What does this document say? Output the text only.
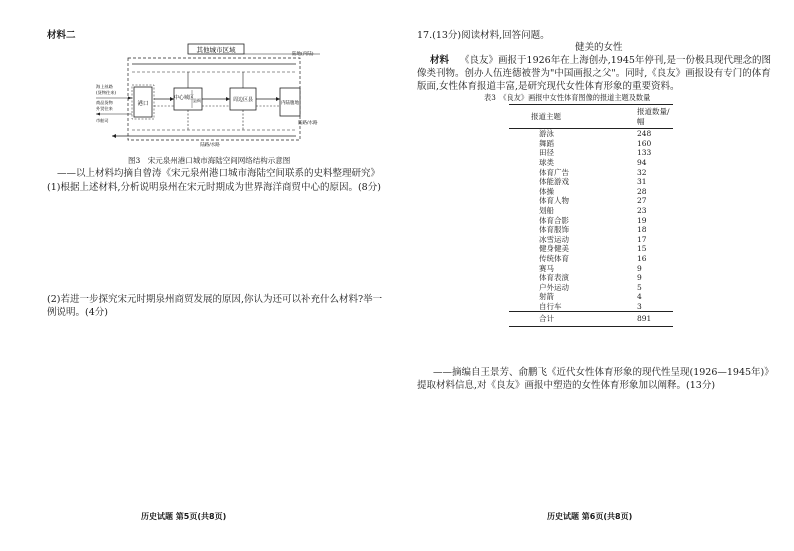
材料二
其他城市区域
陆地(内陆)
港口
中心城区
县衙	周边区县
内陆腹地
陆路/水路
陆路/水路
海上丝路
(货物往来)
商品货物
外贸往来
市舶司
图3　宋元泉州港口城市海陆空间网络结构示意图
——以上材料均摘自曾涛《宋元泉州港口城市海陆空间联系的史料整理研究》
(1)根据上述材料,分析说明泉州在宋元时期成为世界海洋商贸中心的原因。(8分)
(2)若进一步探究宋元时期泉州商贸发展的原因,你认为还可以补充什么材料?举一
例说明。(4分)
历史试题 第5页(共8页)
17.(13分)阅读材料,回答问题。
健美的女性
材料 《良友》画报于1926年在上海创办,1945年停刊,是一份极具现代理念的图
像类刊物。创办人伍连德被誉为"中国画报之父"。同时,《良友》画报设有专门的体育
版面,女性体育报道丰富,是研究现代女性体育形象的重要资料。
表3　《良友》画报中女性体育图像的报道主题及数量
报道主题	报道数量/幅
游泳	248
舞蹈	160
田径	133
球类	94
体育广告	32
体能游戏	31
体操	28
体育人物	27
划船	23
体育合影	19
体育服饰	18
冰雪运动	17
健身健美	15
传统体育	16
赛马	9
体育表演	9
户外运动	5
射箭	4
自行车	3
合计	891
——摘编自王景芳、俞鹏飞《近代女性体育形象的现代性呈现(1926—1945年)》
提取材料信息,对《良友》画报中塑造的女性体育形象加以阐释。(13分)
历史试题 第6页(共8页)
